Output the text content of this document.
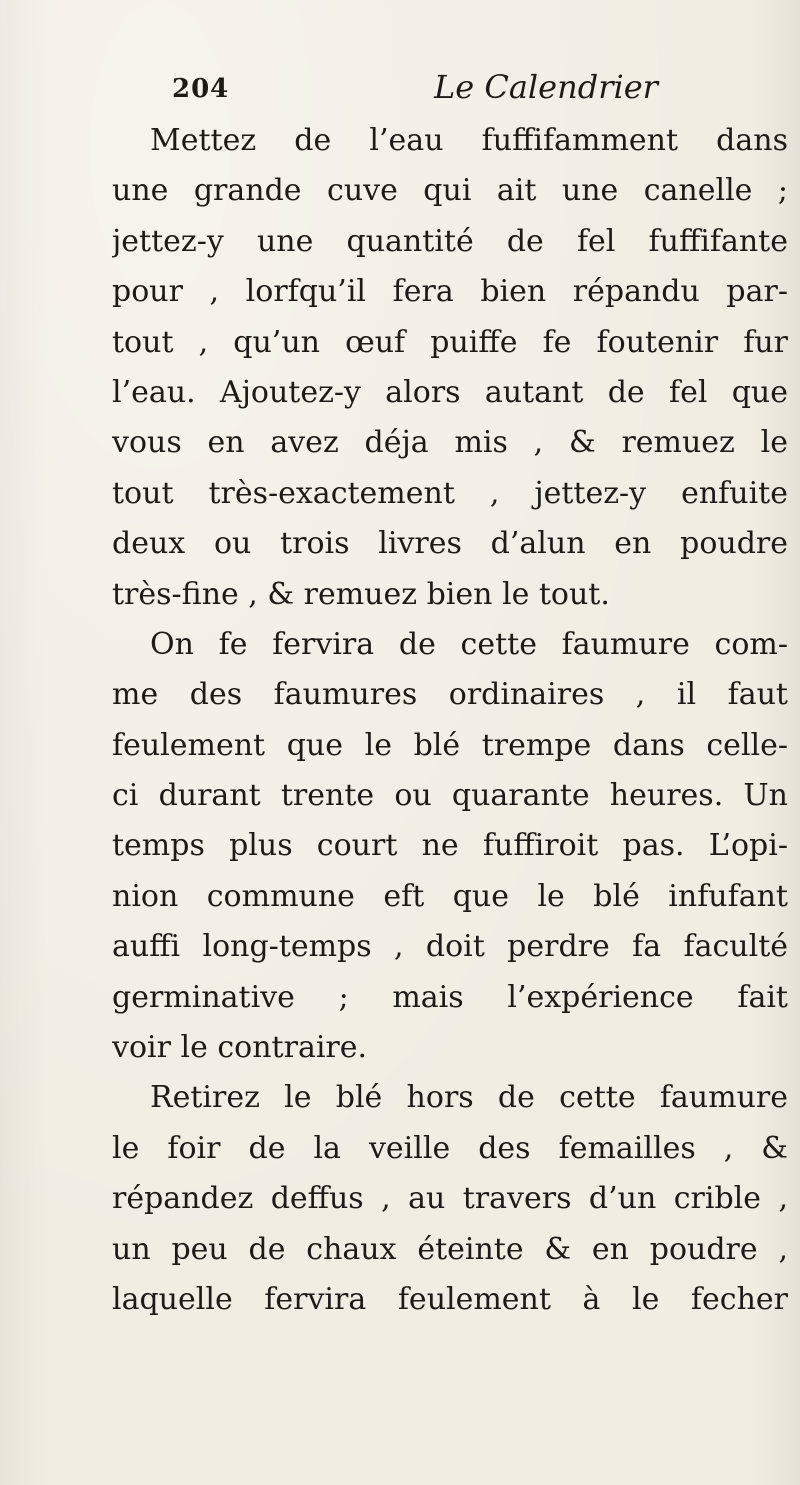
204	Le Calendrier
Mettez de l’eau fuffifamment dans
une grande cuve qui ait une canelle ;
jettez-y une quantité de fel fuffifante
pour , lorfqu’il fera bien répandu par-
tout , qu’un œuf puiffe fe foutenir fur
l’eau. Ajoutez-y alors autant de fel que
vous en avez déja mis , & remuez le
tout très-exactement , jettez-y enfuite
deux ou trois livres d’alun en poudre
très-fine , & remuez bien le tout.
On fe fervira de cette faumure com-
me des faumures ordinaires , il faut
feulement que le blé trempe dans celle-
ci durant trente ou quarante heures. Un
temps plus court ne fuffiroit pas. L’opi-
nion commune eft que le blé infufant
auffi long-temps , doit perdre fa faculté
germinative ; mais l’expérience fait
voir le contraire.
Retirez le blé hors de cette faumure
le foir de la veille des femailles , &
répandez deffus , au travers d’un crible ,
un peu de chaux éteinte & en poudre ,
laquelle fervira feulement à le fecher
